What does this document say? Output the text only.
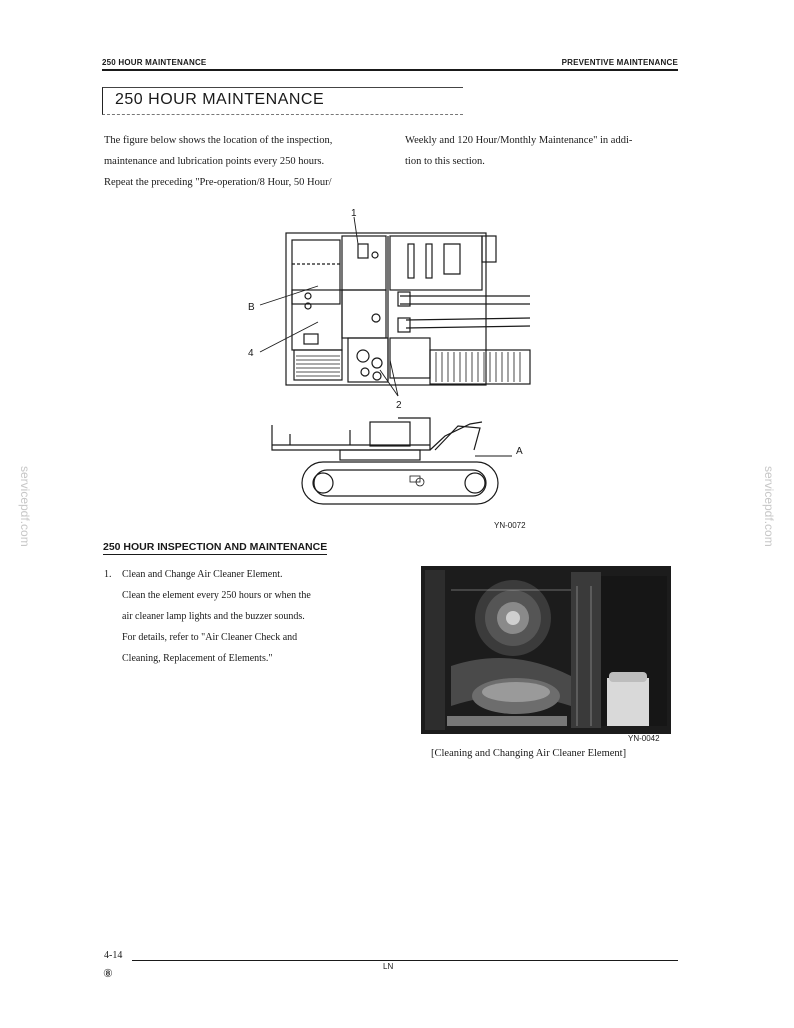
250 HOUR MAINTENANCE	PREVENTIVE MAINTENANCE
250 HOUR MAINTENANCE
The figure below shows the location of the inspection,
maintenance and lubrication points every 250 hours.
Repeat the preceding "Pre-operation/8 Hour, 50 Hour/
Weekly and 120 Hour/Monthly Maintenance" in addi-
tion to this section.
1
B
4
2
A
YN-0072
250 HOUR INSPECTION AND MAINTENANCE
1. Clean and Change Air Cleaner Element.
Clean the element every 250 hours or when the
air cleaner lamp lights and the buzzer sounds.
For details, refer to "Air Cleaner Check and
Cleaning, Replacement of Elements."
YN-0042
[Cleaning and Changing Air Cleaner Element]
servicepdf.com	servicepdf.com
4-14
⑧
LN
